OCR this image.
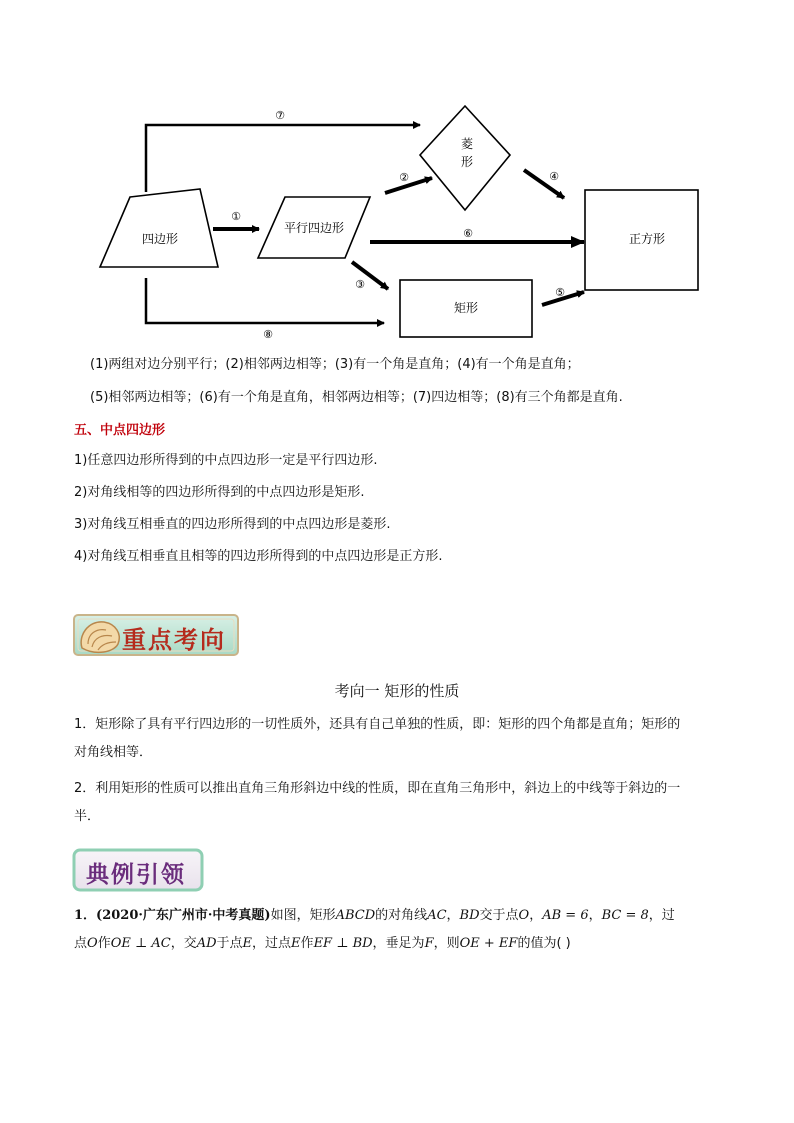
四边形
平行四边形
菱
形
矩形
正方形
⑦
⑧
①
②
③
④
⑤
⑥
(1)两组对边分别平行；(2)相邻两边相等；(3)有一个角是直角；(4)有一个角是直角；
(5)相邻两边相等；(6)有一个角是直角，相邻两边相等；(7)四边相等；(8)有三个角都是直角.
五、中点四边形
1)任意四边形所得到的中点四边形一定是平行四边形.
2)对角线相等的四边形所得到的中点四边形是矩形.
3)对角线互相垂直的四边形所得到的中点四边形是菱形.
4)对角线互相垂直且相等的四边形所得到的中点四边形是正方形.
重点考向
考向一 矩形的性质
1．矩形除了具有平行四边形的一切性质外，还具有自己单独的性质，即：矩形的四个角都是直角；矩形的
对角线相等．
2．利用矩形的性质可以推出直角三角形斜边中线的性质，即在直角三角形中，斜边上的中线等于斜边的一
半．
典例引领
1．(2020·广东广州市·中考真题)如图，矩形ABCD的对角线AC，BD交于点O，AB = 6，BC = 8，过
点O作OE ⊥ AC，交AD于点E，过点E作EF ⊥ BD，垂足为F，则OE + EF的值为( )
